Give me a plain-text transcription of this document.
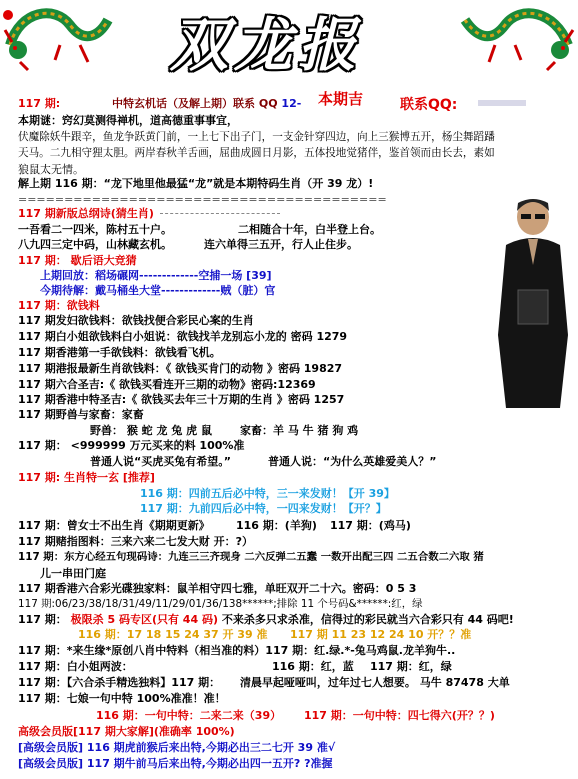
双龙报
本期吉	联系QQ:
117 期:	中特玄机话（及解上期）联系 QQ 12-
本期谜：窍幻莫测得禅机，道高德重事事宜，
伏魔除妖牛跟辛，鱼龙争跃黄门前，一上七下出子门，一支金针穿四边，向上三猴博五开，杨尘舞蹈蹯
天马。二九相守狸太胆。两岸春秋羊舌画，屈曲成圆日月影，五体投地觉猪伴，鉴首领而由长去，素如
狼鼠太无情。
解上期 116 期：“龙下地里他最猛“龙”就是本期特码生肖（开 39 龙）!
========================================
117 期新版总纲诗(猜生肖)
一吾看二一四米，陈村五十户。	二相随合十年，白半登上台。
八九四三定中码，山林藏玄机。	连六单得三五开，行人止住步。
117 期： 歇后语大竞猜
上期回放：稻场碾网-------------空捕一场 [39]
今期待解：戴马桶坐大堂-------------贼（脏）官
117 期：欲钱料
117 期发妇欲钱料：欲钱找便合彩民心案的生肖
117 期白小姐欲钱料白小姐说：欲钱找羊龙别忘小龙的 密码 1279
117 期香港第一手欲钱料：欲钱看飞机。
117 期港报最新生肖欲钱料：《 欲钱买肯门的动物 》密码 19827
117 期六合圣吉:《 欲钱买看连开三期的动物》密码:12369
117 期香港中特圣吉:《 欲钱买去年三十万期的生肖 》密码 1257
117 期野兽与家畜：家畜
野兽： 猴 蛇 龙 兔 虎 鼠	家畜：羊 马 牛 猪 狗 鸡
117 期： <999999 万元买来的料 100%准
普通人说“买虎买兔有希望。”	普通人说：“为什么英雄爱美人？”
117 期: 生肖特一玄 [推荐]
116 期：四前五后必中特，三一来发财！【开 39】
117 期：九前四后必中特，一四来发财！【开？】
117 期：曾女士不出生肖《期期更新》 116 期：(羊狗) 117 期：(鸡马)
117 期赌指图料：三来六来二七发大财 开：?）
117 期：东方心经五句现码诗：九连三三齐现身 二六反弹二五蠢 一数开出配三四 二五合数二六取 猪
儿一串田门庭
117 期香港六合彩光碟独家料：鼠羊相守四七雅，单旺双开二十六。密码：0 5 3
117 期:06/23/38/18/31/49/11/29/01/36/138******;排除 11 个号码&******:红，绿
117 期： 极限杀 5 码专区(只有 44 码) 不来杀多只求杀准，信得过的彩民就当六合彩只有 44 码吧!
116 期：17 18 15 24 37 开 39 准 117 期 11 23 12 24 10 开？？准
117 期：*来生缘*原创八肖中特料（相当准的料）117 期：红.绿.*-兔马鸡鼠.龙羊狗牛..
117 期：白小姐两波：	116 期：红，蓝 117 期：红，绿
117 期：【六合杀手精选独料】117 期： 清晨早起哑哑叫，过年过七人想要。 马牛 87478 大单
117 期：七娘一句中特 100%准准！准！
116 期：一句中特：二来二来（39） 117 期：一句中特：四七得六(开？？)
高级会员版[117 期大家解](准确率 100%)
[高级会员版] 116 期虎前猴后来出特,今期必出三二七开 39 准√
[高级会员版] 117 期牛前马后来出特,今期必出四一五开? ?准握
